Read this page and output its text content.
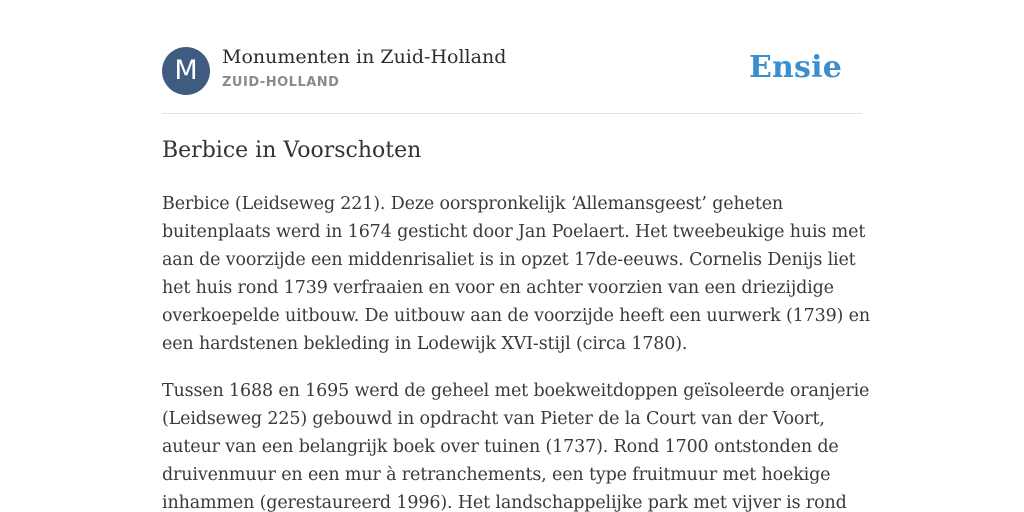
M	Monumenten in Zuid-Holland
ZUID-HOLLAND	Ensie
Berbice in Voorschoten
Berbice (Leidseweg 221). Deze oorspronkelijk ‘Allemansgeest’ geheten
buitenplaats werd in 1674 gesticht door Jan Poelaert. Het tweebeukige huis met
aan de voorzijde een middenrisaliet is in opzet 17de-eeuws. Cornelis Denijs liet
het huis rond 1739 verfraaien en voor en achter voorzien van een driezijdige
overkoepelde uitbouw. De uitbouw aan de voorzijde heeft een uurwerk (1739) en
een hardstenen bekleding in Lodewijk XVI-stijl (circa 1780).
Tussen 1688 en 1695 werd de geheel met boekweitdoppen geïsoleerde oranjerie
(Leidseweg 225) gebouwd in opdracht van Pieter de la Court van der Voort,
auteur van een belangrijk boek over tuinen (1737). Rond 1700 ontstonden de
druivenmuur en een mur à retranchements, een type fruitmuur met hoekige
inhammen (gerestaureerd 1996). Het landschappelijke park met vijver is rond
